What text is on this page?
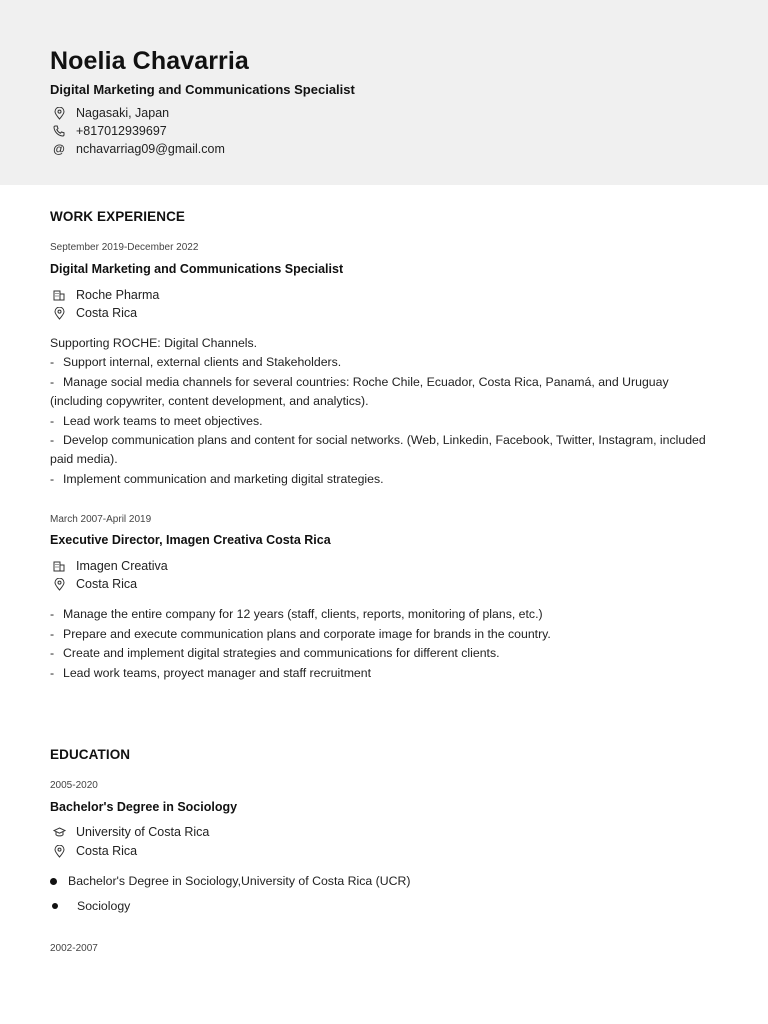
Noelia Chavarria
Digital Marketing and Communications Specialist
Nagasaki, Japan
+817012939697
@ nchavarriag09@gmail.com
WORK EXPERIENCE
September 2019-December 2022
Digital Marketing and Communications Specialist
Roche Pharma
Costa Rica
Supporting ROCHE: Digital Channels.
- Support internal, external clients and Stakeholders.
- Manage social media channels for several countries: Roche Chile, Ecuador, Costa Rica, Panamá, and Uruguay
(including copywriter, content development, and analytics).
- Lead work teams to meet objectives.
- Develop communication plans and content for social networks. (Web, Linkedin, Facebook, Twitter, Instagram, included
paid media).
- Implement communication and marketing digital strategies.
March 2007-April 2019
Executive Director, Imagen Creativa Costa Rica
Imagen Creativa
Costa Rica
- Manage the entire company for 12 years (staff, clients, reports, monitoring of plans, etc.)
- Prepare and execute communication plans and corporate image for brands in the country.
- Create and implement digital strategies and communications for different clients.
- Lead work teams, proyect manager and staff recruitment
EDUCATION
2005-2020
Bachelor's Degree in Sociology
University of Costa Rica
Costa Rica
Bachelor's Degree in Sociology,University of Costa Rica (UCR)
Sociology
2002-2007
